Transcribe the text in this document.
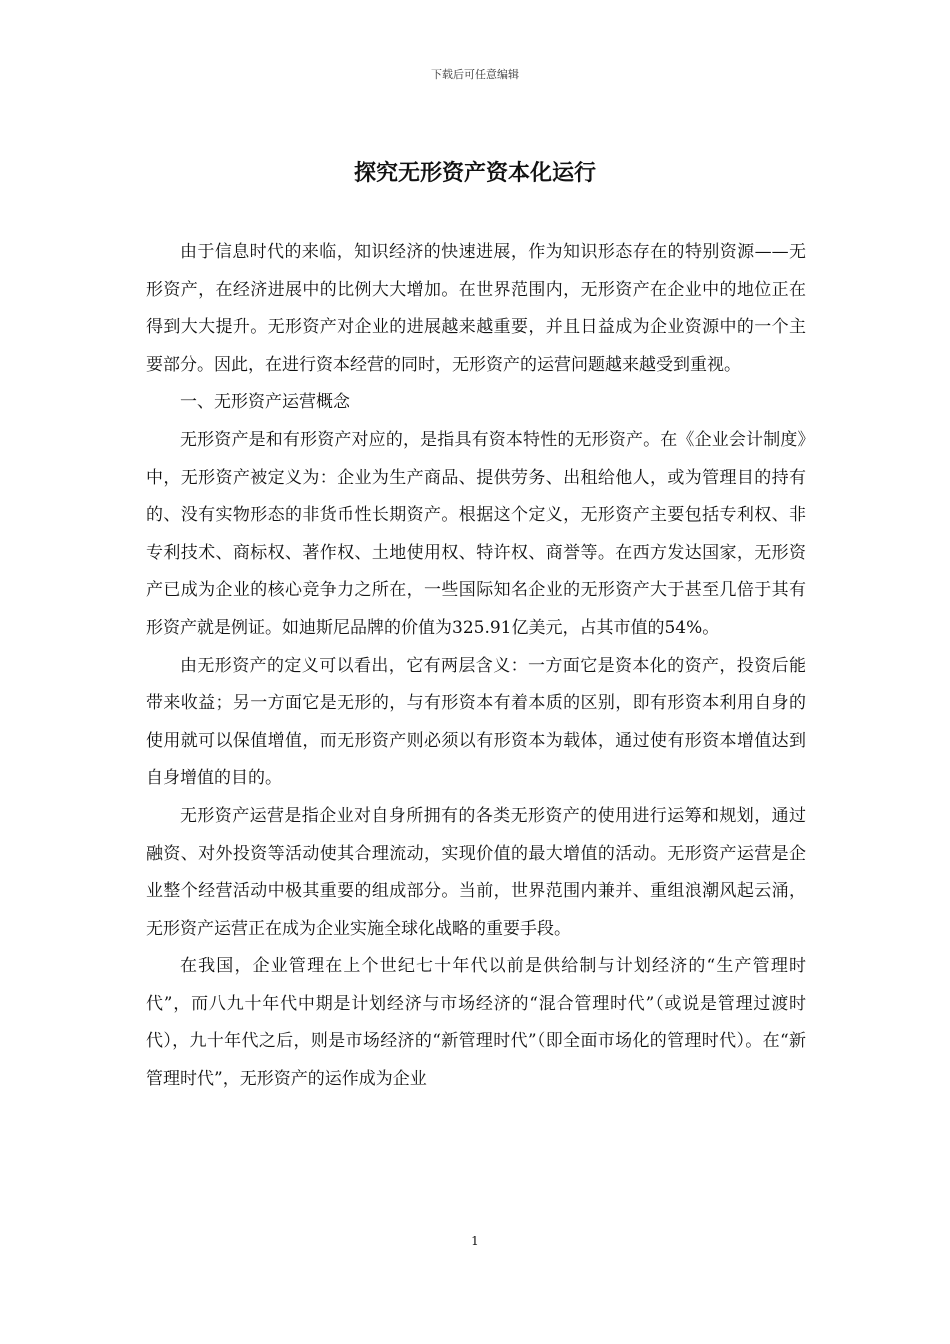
下载后可任意编辑
探究无形资产资本化运行

由于信息时代的来临，知识经济的快速进展，作为知识形态存在的特别资源——无形资产，在经济进展中的比例大大增加。在世界范围内，无形资产在企业中的地位正在得到大大提升。无形资产对企业的进展越来越重要，并且日益成为企业资源中的一个主要部分。因此，在进行资本经营的同时，无形资产的运营问题越来越受到重视。

一、无形资产运营概念

无形资产是和有形资产对应的，是指具有资本特性的无形资产。在《企业会计制度》中，无形资产被定义为：企业为生产商品、提供劳务、出租给他人，或为管理目的持有的、没有实物形态的非货币性长期资产。根据这个定义，无形资产主要包括专利权、非专利技术、商标权、著作权、土地使用权、特许权、商誉等。在西方发达国家，无形资产已成为企业的核心竞争力之所在，一些国际知名企业的无形资产大于甚至几倍于其有形资产就是例证。如迪斯尼品牌的价值为325.91亿美元，占其市值的54%。

由无形资产的定义可以看出，它有两层含义：一方面它是资本化的资产，投资后能带来收益；另一方面它是无形的，与有形资本有着本质的区别，即有形资本利用自身的使用就可以保值增值，而无形资产则必须以有形资本为载体，通过使有形资本增值达到自身增值的目的。

无形资产运营是指企业对自身所拥有的各类无形资产的使用进行运筹和规划，通过融资、对外投资等活动使其合理流动，实现价值的最大增值的活动。无形资产运营是企业整个经营活动中极其重要的组成部分。当前，世界范围内兼并、重组浪潮风起云涌，无形资产运营正在成为企业实施全球化战略的重要手段。

在我国，企业管理在上个世纪七十年代以前是供给制与计划经济的“生产管理时代”，而八九十年代中期是计划经济与市场经济的“混合管理时代”（或说是管理过渡时代），九十年代之后，则是市场经济的“新管理时代”（即全面市场化的管理时代）。在“新管理时代”，无形资产的运作成为企业

1
